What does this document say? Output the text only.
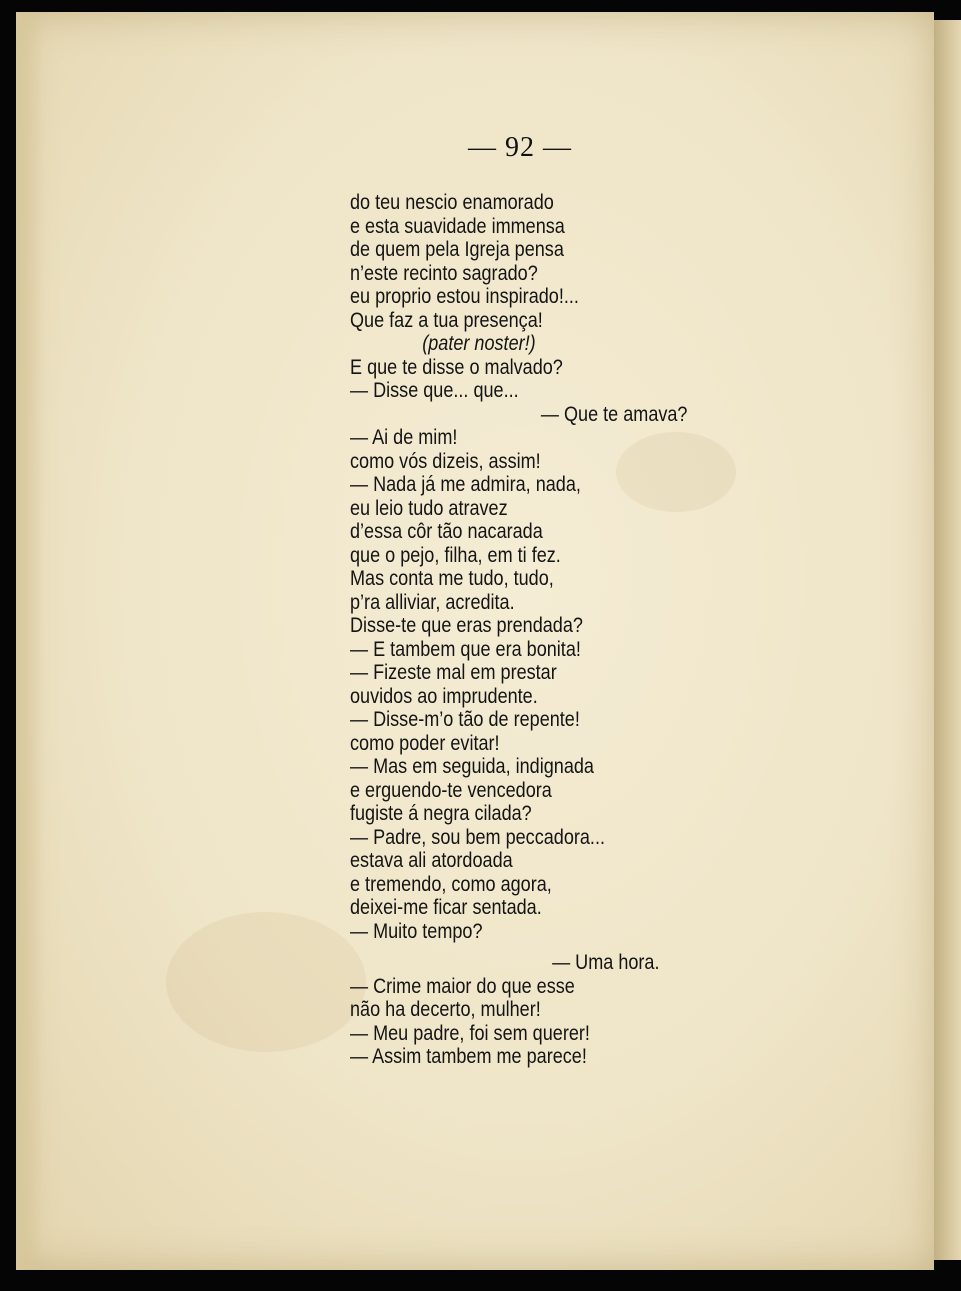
— 92 —
do teu nescio enamorado
e esta suavidade immensa
de quem pela Igreja pensa
n’este recinto sagrado?
eu proprio estou inspirado!...
Que faz a tua presença!
(pater noster!)
E que te disse o malvado?
— Disse que... que...
— Que te amava?
— Ai de mim!
como vós dizeis, assim!
— Nada já me admira, nada,
eu leio tudo atravez
d’essa côr tão nacarada
que o pejo, filha, em ti fez.
Mas conta me tudo, tudo,
p’ra alliviar, acredita.
Disse-te que eras prendada?
— E tambem que era bonita!
— Fizeste mal em prestar
ouvidos ao imprudente.
— Disse-m’o tão de repente!
como poder evitar!
— Mas em seguida, indignada
e erguendo-te vencedora
fugiste á negra cilada?
— Padre, sou bem peccadora...
estava ali atordoada
e tremendo, como agora,
deixei-me ficar sentada.
— Muito tempo?
— Uma hora.
— Crime maior do que esse
não ha decerto, mulher!
— Meu padre, foi sem querer!
— Assim tambem me parece!
